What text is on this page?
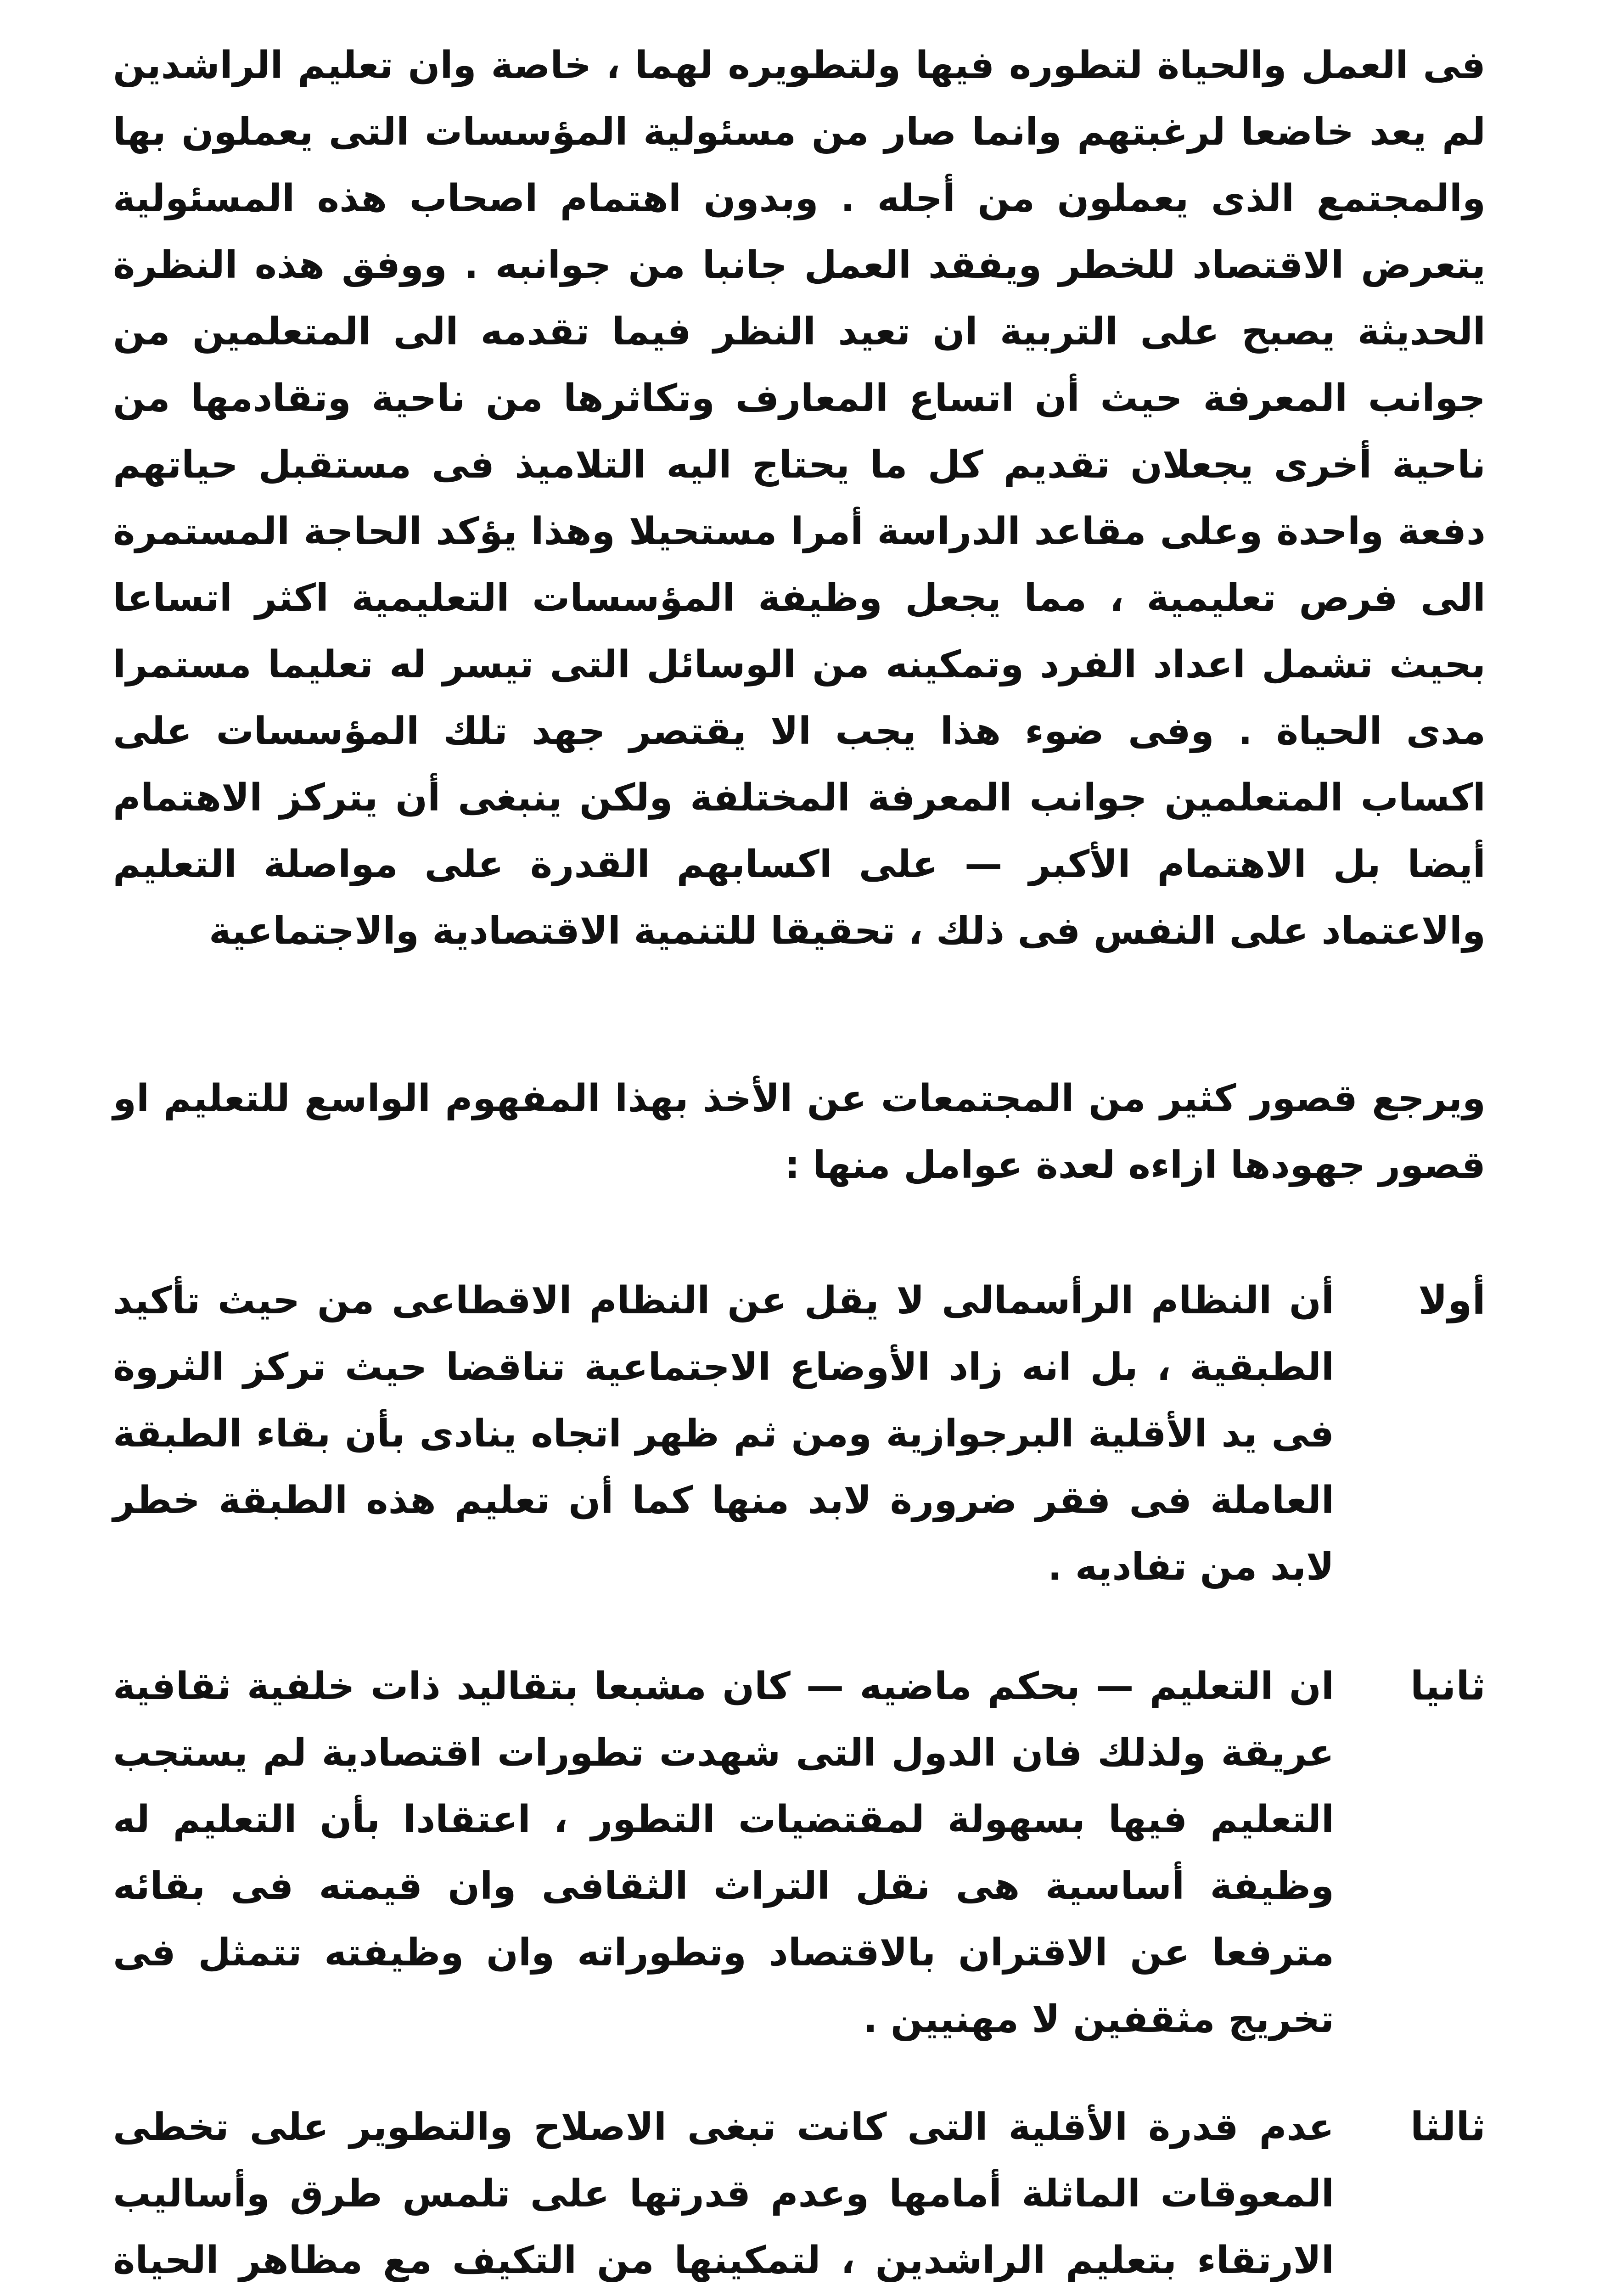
فى العمل والحياة لتطوره فيها ولتطويره لهما ، خاصة وان تعليم الراشدين لم يعد خاضعا لرغبتهم وانما صار من مسئولية المؤسسات التى يعملون بها والمجتمع الذى يعملون من أجله . وبدون اهتمام اصحاب هذه المسئولية يتعرض الاقتصاد للخطر ويفقد العمل جانبا من جوانبه . ووفق هذه النظرة الحديثة يصبح على التربية ان تعيد النظر فيما تقدمه الى المتعلمين من جوانب المعرفة حيث أن اتساع المعارف وتكاثرها من ناحية وتقادمها من ناحية أخرى يجعلان تقديم كل ما يحتاج اليه التلاميذ فى مستقبل حياتهم دفعة واحدة وعلى مقاعد الدراسة أمرا مستحيلا وهذا يؤكد الحاجة المستمرة الى فرص تعليمية ، مما يجعل وظيفة المؤسسات التعليمية اكثر اتساعا بحيث تشمل اعداد الفرد وتمكينه من الوسائل التى تيسر له تعليما مستمرا مدى الحياة . وفى ضوء هذا يجب الا يقتصر جهد تلك المؤسسات على اكساب المتعلمين جوانب المعرفة المختلفة ولكن ينبغى أن يتركز الاهتمام أيضا بل الاهتمام الأكبر — على اكسابهم القدرة على مواصلة التعليم والاعتماد على النفس فى ذلك ، تحقيقا للتنمية الاقتصادية والاجتماعية
ويرجع قصور كثير من المجتمعات عن الأخذ بهذا المفهوم الواسع للتعليم او قصور جهودها ازاءه لعدة عوامل منها :
أولا
أن النظام الرأسمالى لا يقل عن النظام الاقطاعى من حيث تأكيد الطبقية ، بل انه زاد الأوضاع الاجتماعية تناقضا حيث تركز الثروة فى يد الأقلية البرجوازية ومن ثم ظهر اتجاه ينادى بأن بقاء الطبقة العاملة فى فقر ضرورة لابد منها كما أن تعليم هذه الطبقة خطر لابد من تفاديه .
ثانيا
ان التعليم — بحكم ماضيه — كان مشبعا بتقاليد ذات خلفية ثقافية عريقة ولذلك فان الدول التى شهدت تطورات اقتصادية لم يستجب التعليم فيها بسهولة لمقتضيات التطور ، اعتقادا بأن التعليم له وظيفة أساسية هى نقل التراث الثقافى وان قيمته فى بقائه مترفعا عن الاقتران بالاقتصاد وتطوراته وان وظيفته تتمثل فى تخريج مثقفين لا مهنيين .
ثالثا
عدم قدرة الأقلية التى كانت تبغى الاصلاح والتطوير على تخطى المعوقات الماثلة أمامها وعدم قدرتها على تلمس طرق وأساليب الارتقاء بتعليم الراشدين ، لتمكينها من التكيف مع مظاهر الحياة
